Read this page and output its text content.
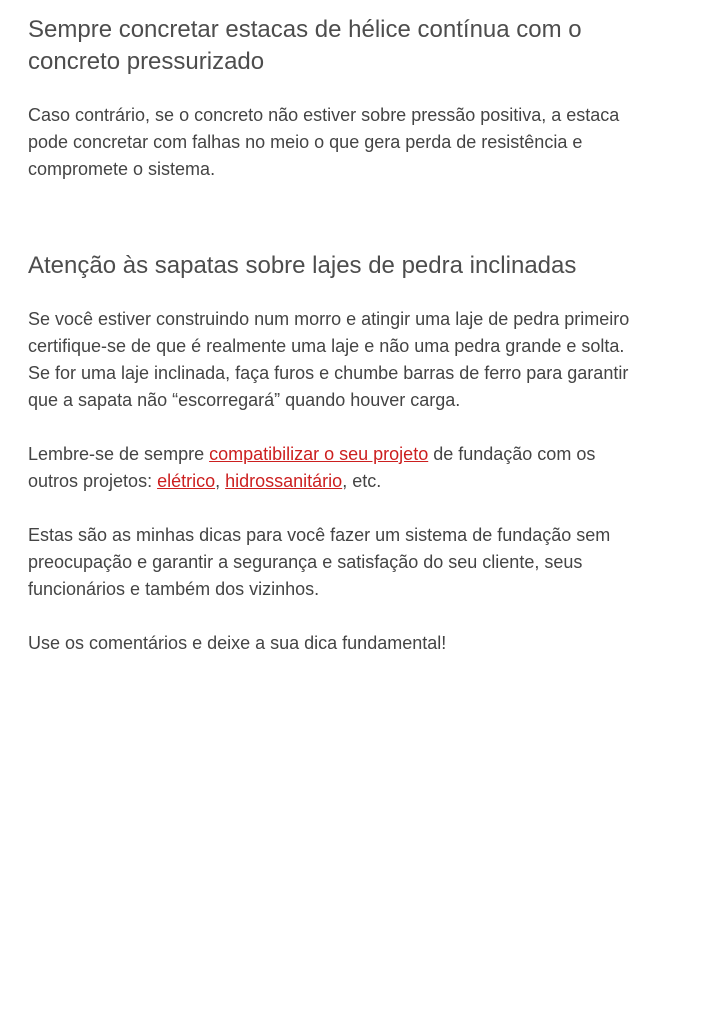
Sempre concretar estacas de hélice contínua com o concreto pressurizado

Caso contrário, se o concreto não estiver sobre pressão positiva, a estaca pode concretar com falhas no meio o que gera perda de resistência e compromete o sistema.

Atenção às sapatas sobre lajes de pedra inclinadas

Se você estiver construindo num morro e atingir uma laje de pedra primeiro certifique-se de que é realmente uma laje e não uma pedra grande e solta. Se for uma laje inclinada, faça furos e chumbe barras de ferro para garantir que a sapata não “escorregará” quando houver carga.

Lembre-se de sempre compatibilizar o seu projeto de fundação com os outros projetos: elétrico, hidrossanitário, etc.

Estas são as minhas dicas para você fazer um sistema de fundação sem preocupação e garantir a segurança e satisfação do seu cliente, seus funcionários e também dos vizinhos.

Use os comentários e deixe a sua dica fundamental!
